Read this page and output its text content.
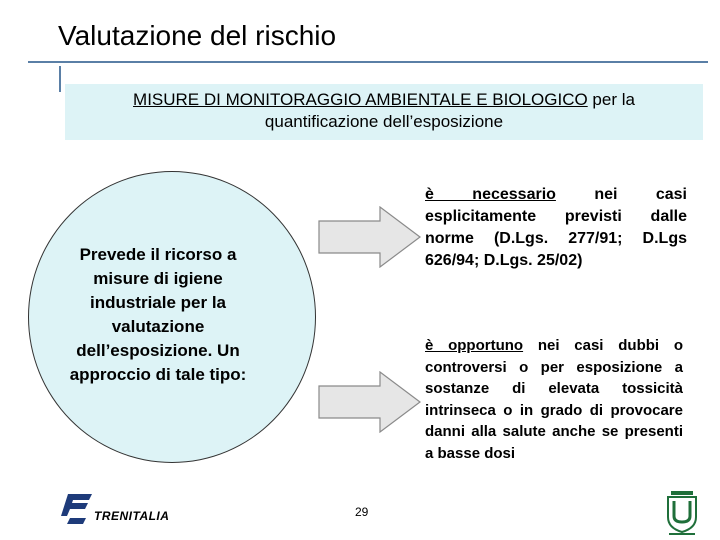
Valutazione del rischio
MISURE DI MONITORAGGIO AMBIENTALE E BIOLOGICO per la
quantificazione dell’esposizione
Prevede il ricorso a misure di igiene industriale per la valutazione dell’esposizione. Un approccio di tale tipo:
è necessario nei casi esplicitamente previsti dalle norme (D.Lgs. 277/91; D.Lgs 626/94; D.Lgs. 25/02)
è opportuno nei casi dubbi o controversi o per esposizione a sostanze di elevata tossicità intrinseca o in grado di provocare danni alla salute anche se presenti a basse dosi
TRENITALIA	29
